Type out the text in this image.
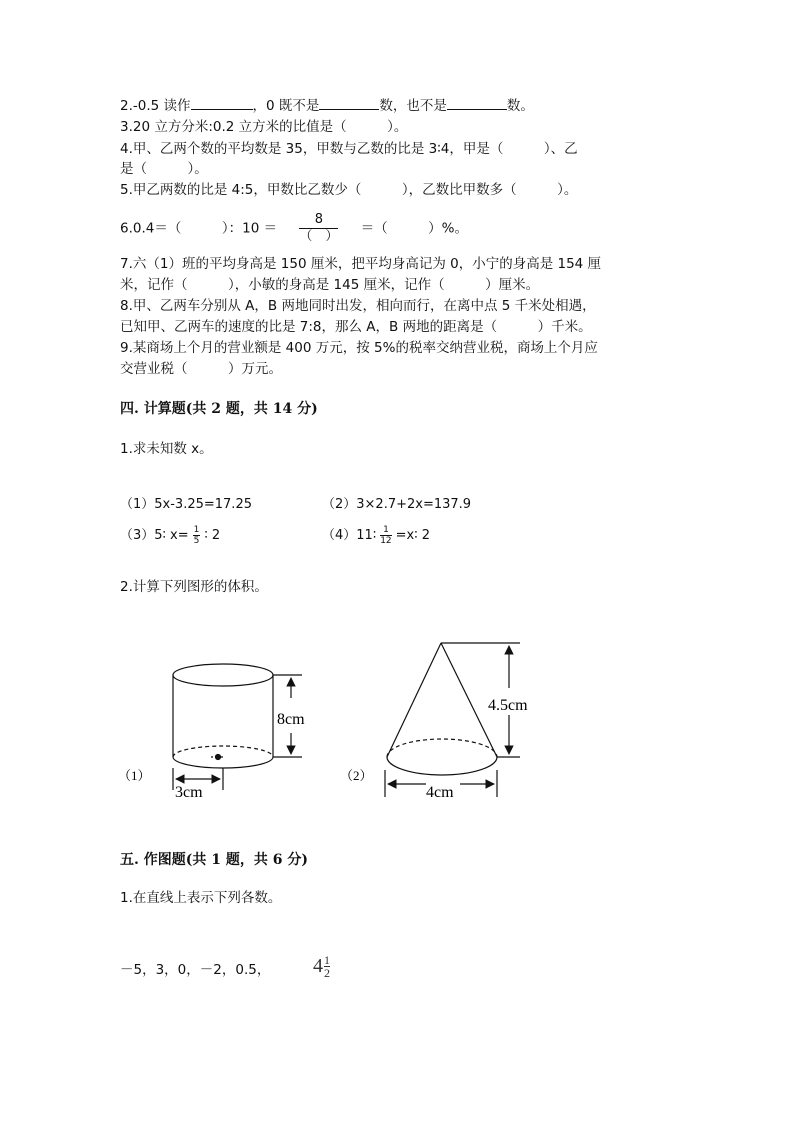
2.-0.5 读作	，0 既不是	数，也不是	数。
3.20 立方分米:0.2 立方米的比值是（　　　）。
4.甲、乙两个数的平均数是 35，甲数与乙数的比是 3∶4，甲是（　　　）、乙
是（　　　）。
5.甲乙两数的比是 4:5，甲数比乙数少（　　　），乙数比甲数多（　　　）。
6.0.4＝（　　　）：10 ＝
8
（　） ＝（　　　）%。
7.六（1）班的平均身高是 150 厘米，把平均身高记为 0，小宁的身高是 154 厘
米，记作（　　　），小敏的身高是 145 厘米，记作（　　　）厘米。
8.甲、乙两车分别从 A，B 两地同时出发，相向而行，在离中点 5 千米处相遇，
已知甲、乙两车的速度的比是 7:8，那么 A，B 两地的距离是（　　　）千米。
9.某商场上个月的营业额是 400 万元，按 5%的税率交纳营业税，商场上个月应
交营业税（　　　）万元。
四. 计算题(共 2 题，共 14 分)
1.求未知数 x。
（1）5x-3.25=17.25	（2）3×2.7+2x=137.9
（3）5∶ $x= \frac{1}{5}$ ∶ 2	（4）11∶ $\frac{1}{12}$ =x∶ 2
2.计算下列图形的体积。
8cm
3cm
（1）
4.5cm
4cm
（2）
五. 作图题(共 1 题，共 6 分)
1.在直线上表示下列各数。
－5，3，0，－2，0.5， $4 \frac{1}{2}$
